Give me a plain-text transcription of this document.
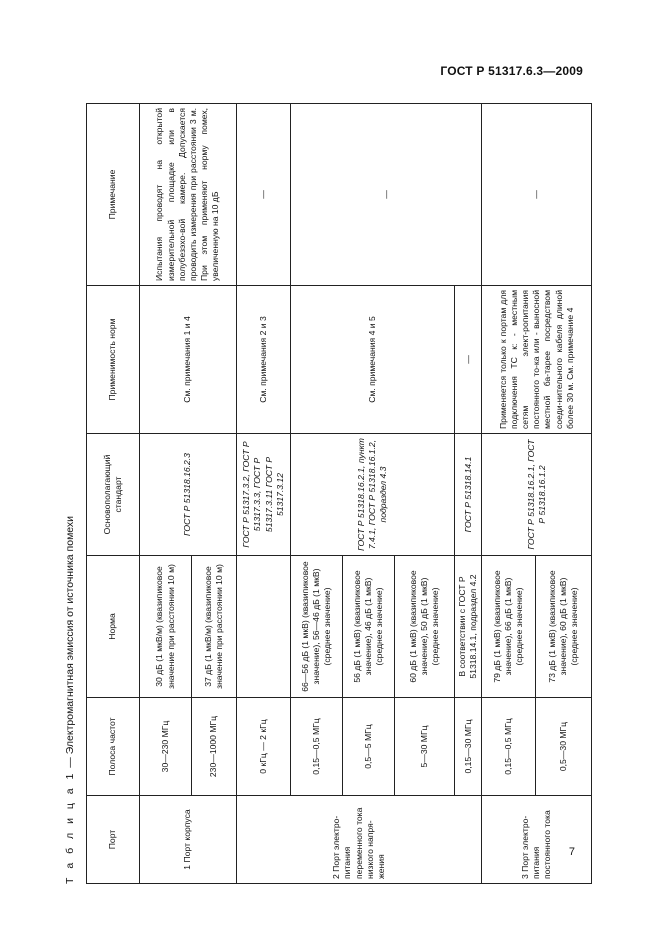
ГОСТ Р 51317.6.3—2009
Т а б л и ц а 1 — Электромагнитная эмиссия от источника помехи
Порт	Полоса частот	Норма	Основополагающий стандарт	Применимость норм	Примечание
1 Порт корпуса	30—230 МГц	30 дБ (1 мкВ/м) (квазипиковое значение при расстоянии 10 м)	ГОСТ Р 51318.16.2.3	См. примечания 1 и 4	Испытания проводят на открытой измерительной площадке или в полубезэхо-вой камере. Допускается проводить измерения при расстоянии 3 м. При этом применяют норму помех, увеличенную на 10 дБ
	230—1000 МГц	37 дБ (1 мкВ/м) (квазипиковое значение при расстоянии 10 м)			
2 Порт электро-питания переменного тока низкого напря-жения	0 кГц — 2 кГц		ГОСТ Р 51317.3.2, ГОСТ Р 51317.3.3, ГОСТ Р 51317.3.11 ГОСТ Р 51317.3.12	См. примечания 2 и 3	—
	0,15—0,5 МГц	66—56 дБ (1 мкВ) (квазипиковое значение), 56—46 дБ (1 мкВ) (среднее значение)	ГОСТ Р 51318.16.2.1, пункт 7.4.1, ГОСТ Р 51318.16.1.2, подраздел 4.3	См. примечания 4 и 5	—
	0,5—5 МГц	56 дБ (1 мкВ) (квазипиковое значение), 46 дБ (1 мкВ) (среднее значение)			
	5—30 МГц	60 дБ (1 мкВ) (квазипиковое значение), 50 дБ (1 мкВ) (среднее значение)			
	0,15—30 МГц	В соответствии с ГОСТ Р 51318.14.1, подраздел 4.2	ГОСТ Р 51318.14.1	—	
3 Порт электро-питания постоянного тока	0,15—0,5 МГц	79 дБ (1 мкВ) (квазипиковое значение), 66 дБ (1 мкВ) (среднее значение)	ГОСТ Р 51318.16.2.1, ГОСТ Р 51318.16.1.2	Применяется только к портам для подключения ТС к: - местным сетям элект-ропитания постоянного то-ка или - выносной местной ба-тарее посредством соеди-нительного кабеля длиной более 30 м. См. примечание 4	—
	0,5—30 МГц	73 дБ (1 мкВ) (квазипиковое значение), 60 дБ (1 мкВ) (среднее значение)			
7
